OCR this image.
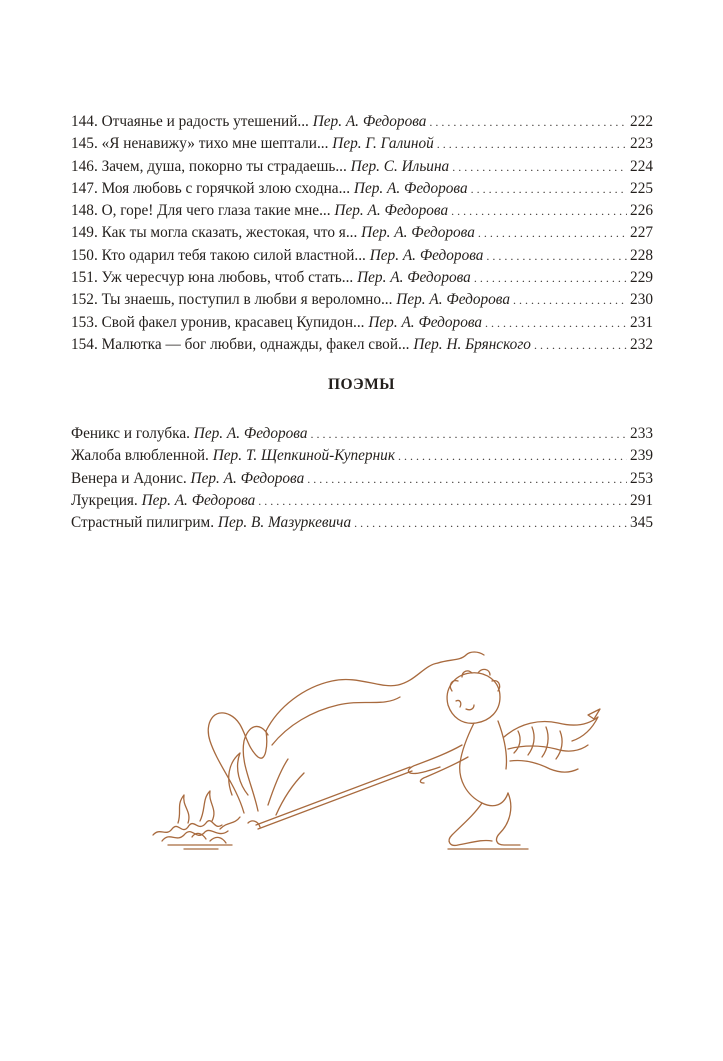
144. Отчаянье и радость утешений... Пер. А. Федорова . . .	222
145. «Я ненавижу» тихо мне шептали... Пер. Г. Галиной . . .	223
146. Зачем, душа, покорно ты страдаешь... Пер. С. Ильина . . .	224
147. Моя любовь с горячкой злою сходна... Пер. А. Федорова . . .	225
148. О, горе! Для чего глаза такие мне... Пер. А. Федорова . . .	226
149. Как ты могла сказать, жестокая, что я... Пер. А. Федорова . . .	227
150. Кто одарил тебя такою силой властной... Пер. А. Федорова . . .	228
151. Уж чересчур юна любовь, чтоб стать... Пер. А. Федорова . . .	229
152. Ты знаешь, поступил в любви я вероломно... Пер. А. Федорова . . .	230
153. Свой факел уронив, красавец Купидон... Пер. А. Федорова . . .	231
154. Малютка — бог любви, однажды, факел свой... Пер. Н. Брянского . . .	232
ПОЭМЫ
Феникс и голубка. Пер. А. Федорова . . .	233
Жалоба влюбленной. Пер. Т. Щепкиной-Куперник . . .	239
Венера и Адонис. Пер. А. Федорова . . .	253
Лукреция. Пер. А. Федорова . . .	291
Страстный пилигрим. Пер. В. Мазуркевича . . .	345
